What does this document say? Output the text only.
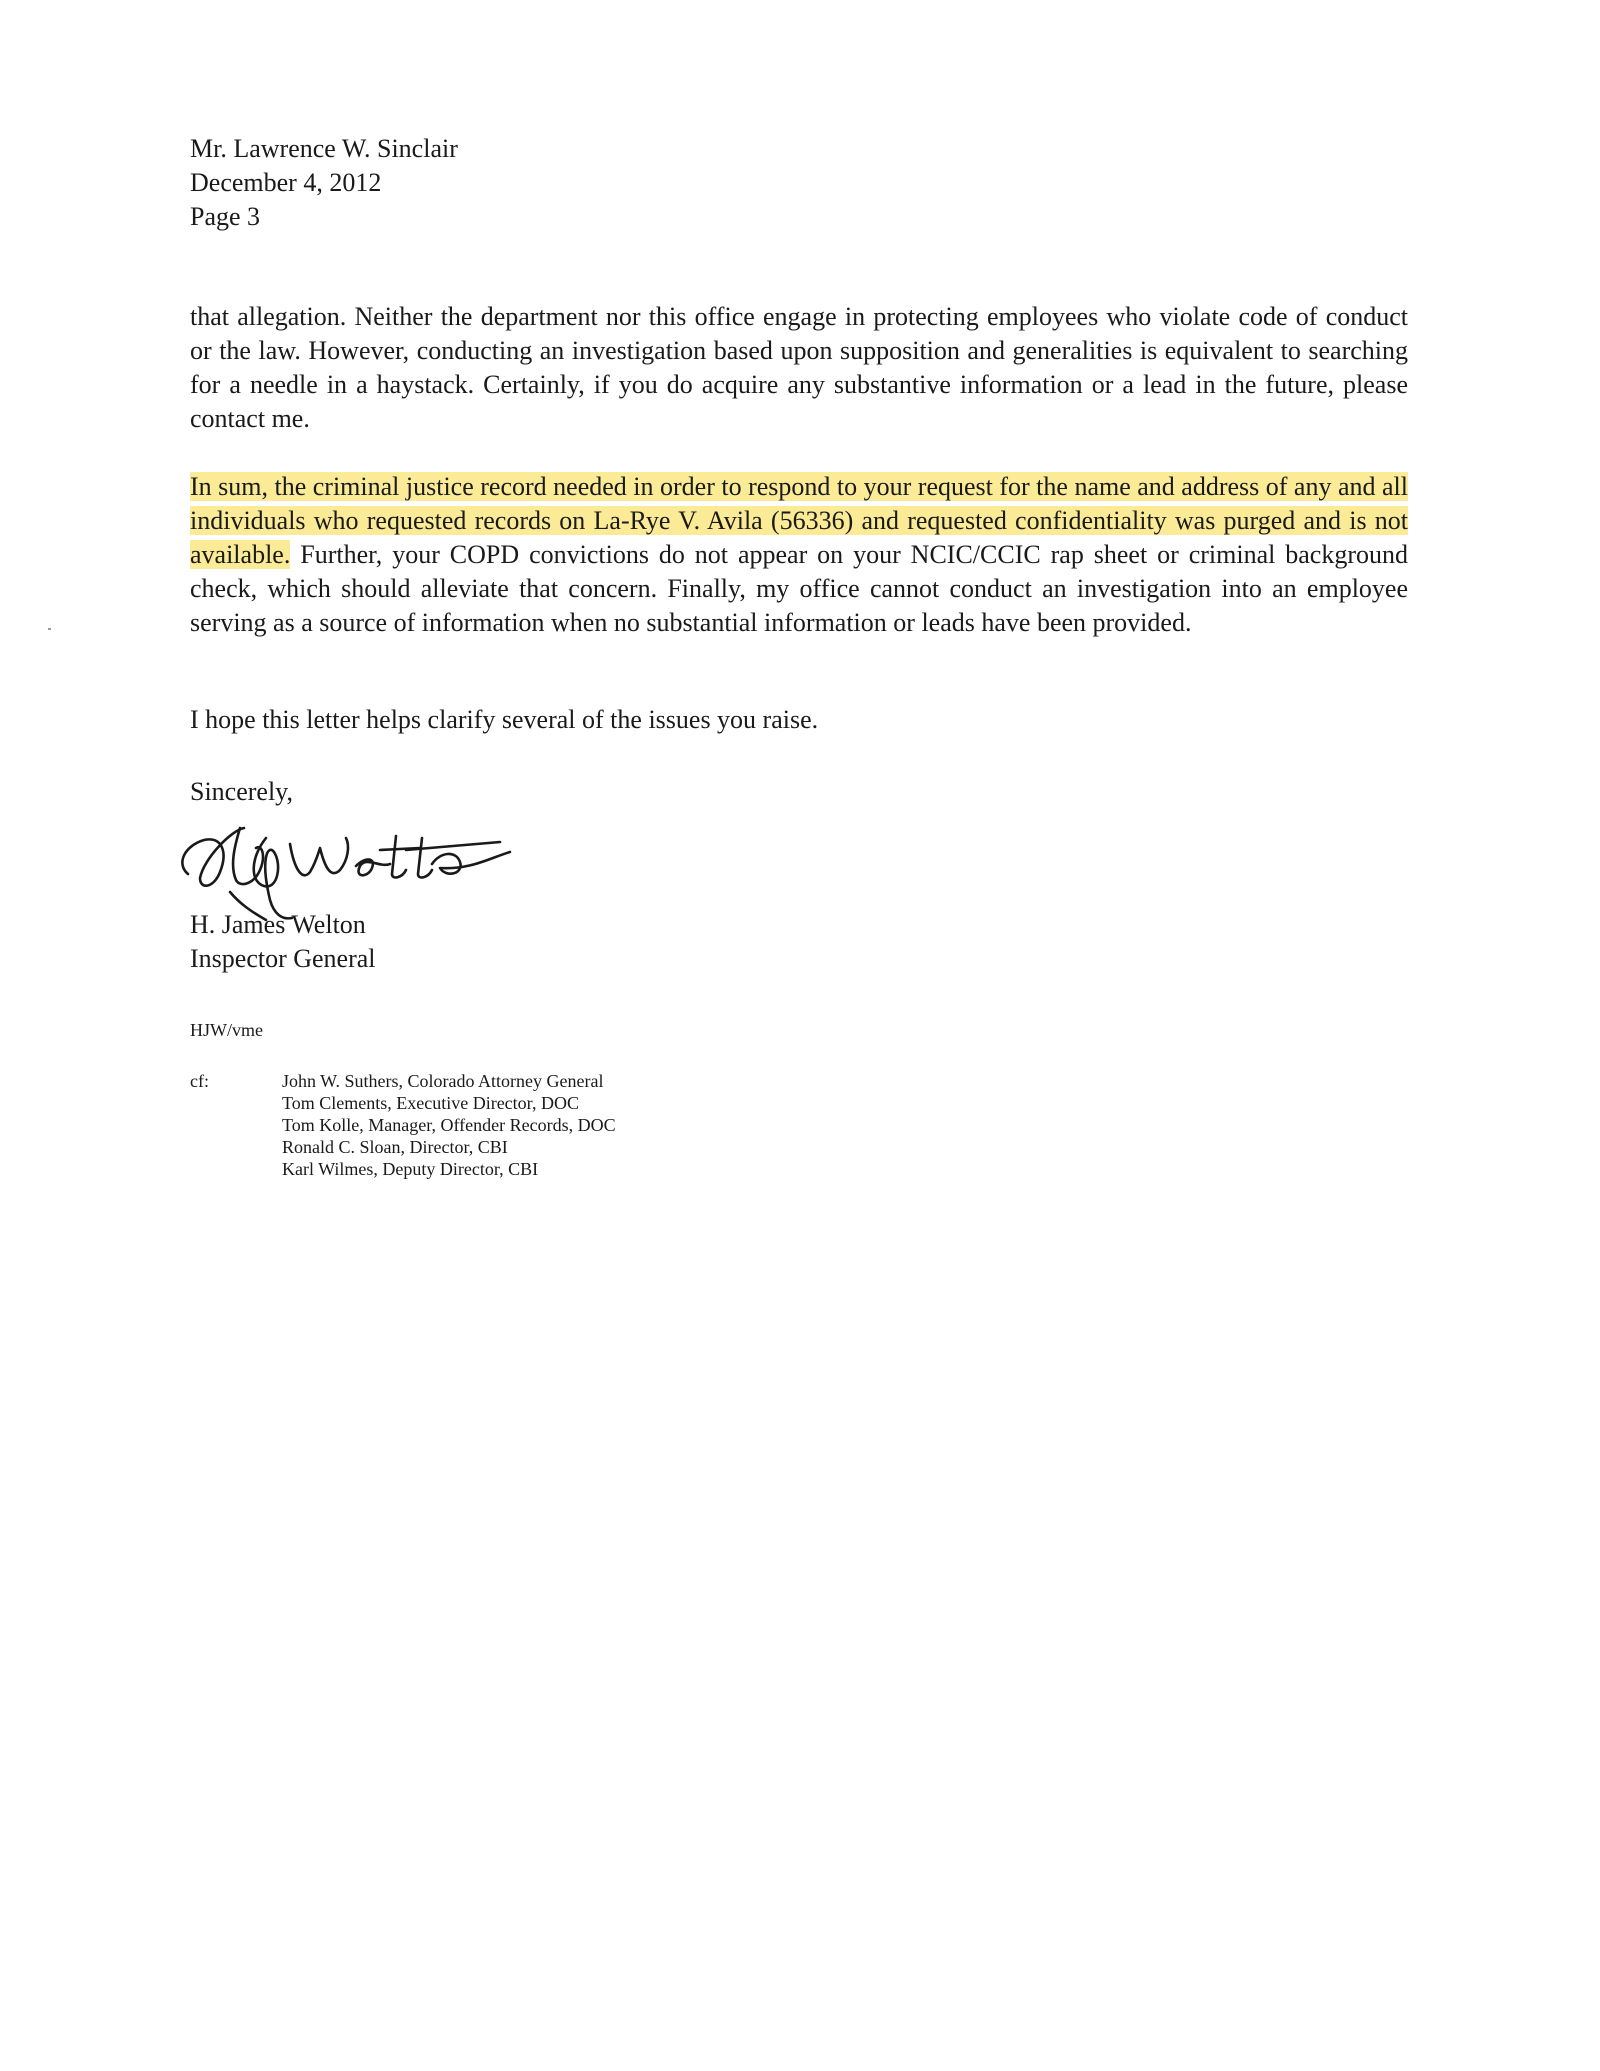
Mr. Lawrence W. Sinclair
December 4, 2012
Page 3
that allegation. Neither the department nor this office engage in protecting employees who violate code of conduct or the law. However, conducting an investigation based upon supposition and generalities is equivalent to searching for a needle in a haystack. Certainly, if you do acquire any substantive information or a lead in the future, please contact me.
In sum, the criminal justice record needed in order to respond to your request for the name and address of any and all individuals who requested records on La-Rye V. Avila (56336) and requested confidentiality was purged and is not available. Further, your COPD convictions do not appear on your NCIC/CCIC rap sheet or criminal background check, which should alleviate that concern. Finally, my office cannot conduct an investigation into an employee serving as a source of information when no substantial information or leads have been provided.
I hope this letter helps clarify several of the issues you raise.
Sincerely,
H. James Welton
Inspector General
HJW/vme
cf:	John W. Suthers, Colorado Attorney General
Tom Clements, Executive Director, DOC
Tom Kolle, Manager, Offender Records, DOC
Ronald C. Sloan, Director, CBI
Karl Wilmes, Deputy Director, CBI
